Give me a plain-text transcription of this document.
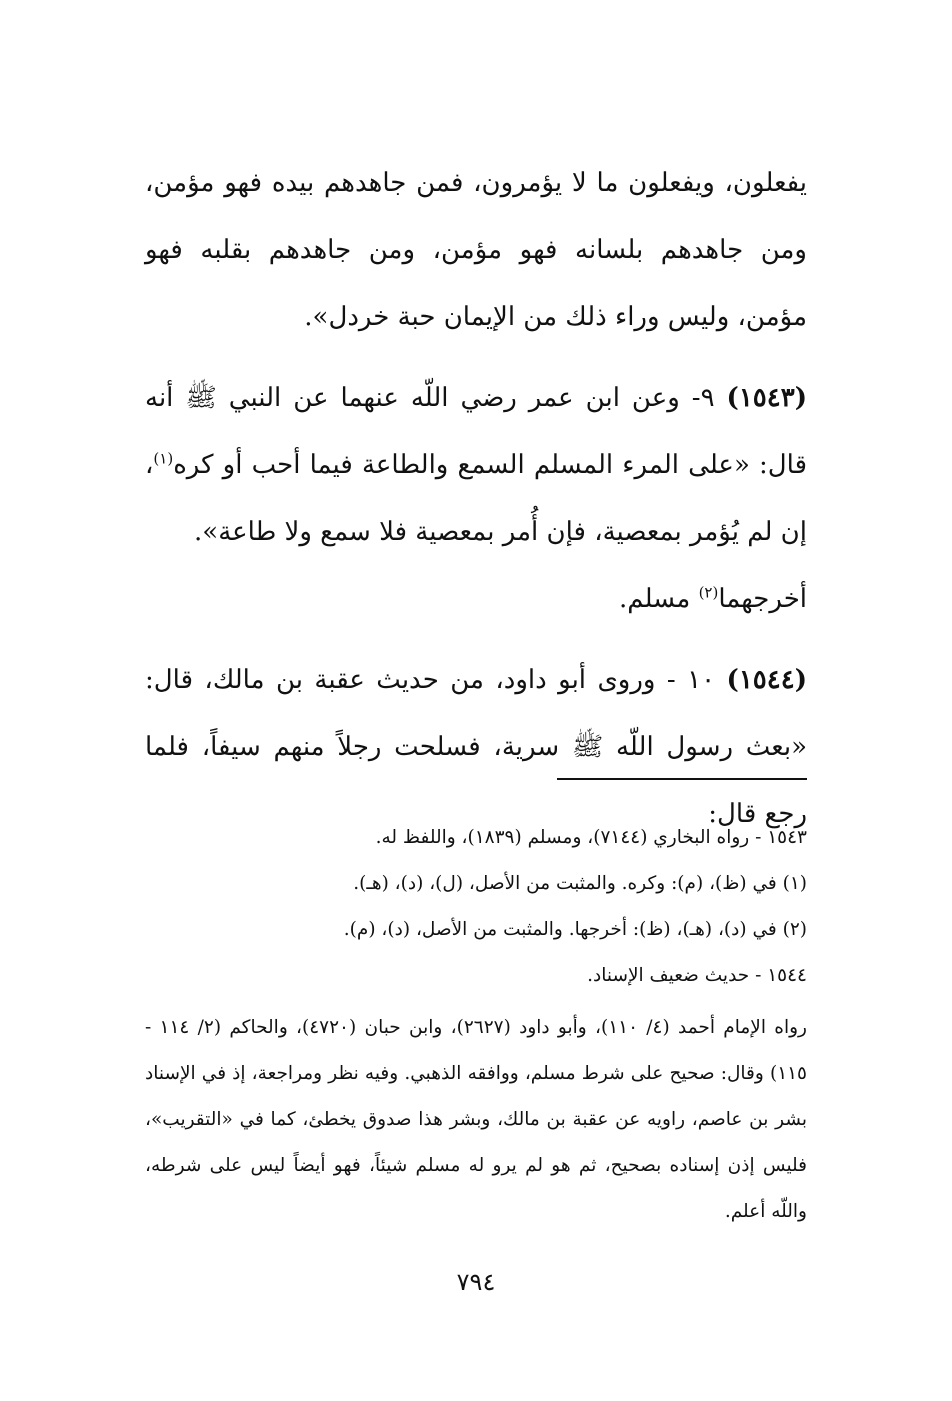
يفعلون، ويفعلون ما لا يؤمرون، فمن جاهدهم بيده فهو مؤمن، ومن جاهدهم بلسانه فهو مؤمن، ومن جاهدهم بقلبه فهو مؤمن، وليس وراء ذلك من الإيمان حبة خردل».

(١٥٤٣) ٩- وعن ابن عمر رضي اللّه عنهما عن النبي ﷺ أنه قال: «على المرء المسلم السمع والطاعة فيما أحب أو كره$^{(١)}$، إن لم يُؤمر بمعصية، فإن أُمر بمعصية فلا سمع ولا طاعة».

أخرجهما$^{(٢)}$ مسلم.

(١٥٤٤) ١٠ - وروى أبو داود، من حديث عقبة بن مالك، قال: «بعث رسول اللّه ﷺ سرية، فسلحت رجلاً منهم سيفاً، فلما رجع قال:

١٥٤٣ - رواه البخاري (٧١٤٤)، ومسلم (١٨٣٩)، واللفظ له.

(١) في (ظ)، (م): وكره. والمثبت من الأصل، (ل)، (د)، (هـ).

(٢) في (د)، (هـ)، (ظ): أخرجها. والمثبت من الأصل، (د)، (م).

١٥٤٤ - حديث ضعيف الإسناد.

رواه الإمام أحمد (٤/ ١١٠)، وأبو داود (٢٦٢٧)، وابن حبان (٤٧٢٠)، والحاكم (٢/ ١١٤ - ١١٥) وقال: صحيح على شرط مسلم، ووافقه الذهبي. وفيه نظر ومراجعة، إذ في الإسناد بشر بن عاصم، راويه عن عقبة بن مالك، وبشر هذا صدوق يخطئ، كما في «التقريب»، فليس إذن إسناده بصحيح، ثم هو لم يرو له مسلم شيئاً، فهو أيضاً ليس على شرطه، واللّه أعلم.

٧٩٤
